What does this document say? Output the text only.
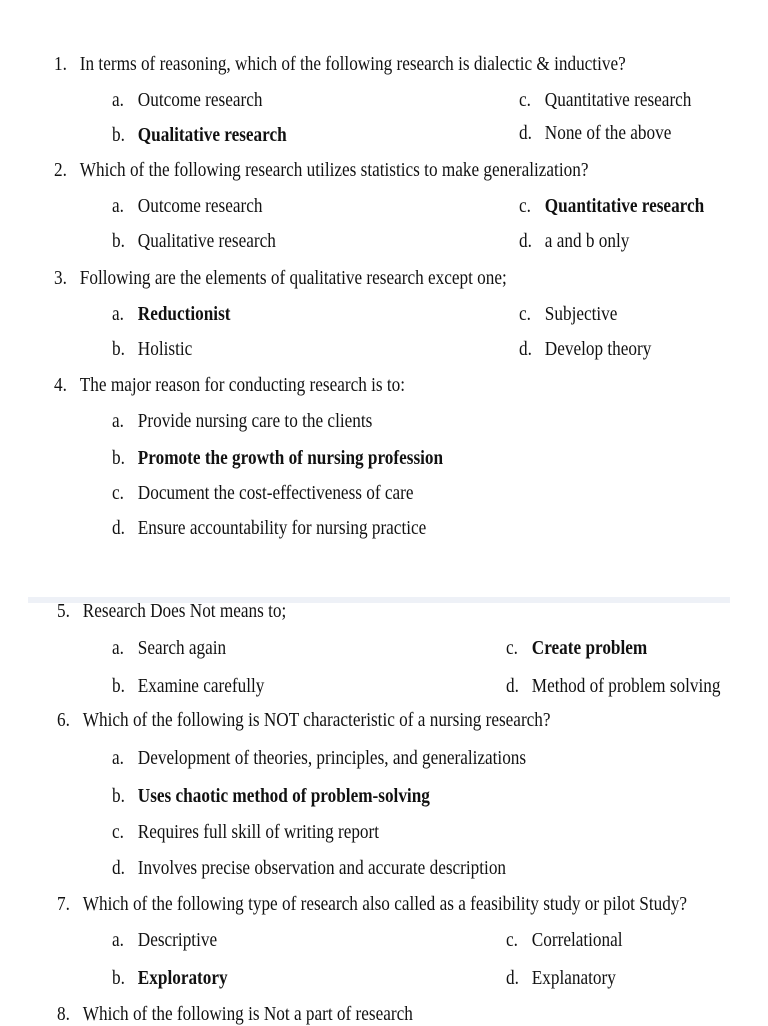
1. In terms of reasoning, which of the following research is dialectic & inductive?
a. Outcome research
b. Qualitative research
c. Quantitative research
d. None of the above
2. Which of the following research utilizes statistics to make generalization?
a. Outcome research
b. Qualitative research
c. Quantitative research
d. a and b only
3. Following are the elements of qualitative research except one;
a. Reductionist
b. Holistic
c. Subjective
d. Develop theory
4. The major reason for conducting research is to:
a. Provide nursing care to the clients
b. Promote the growth of nursing profession
c. Document the cost-effectiveness of care
d. Ensure accountability for nursing practice
5. Research Does Not means to;
a. Search again
b. Examine carefully
c. Create problem
d. Method of problem solving
6. Which of the following is NOT characteristic of a nursing research?
a. Development of theories, principles, and generalizations
b. Uses chaotic method of problem-solving
c. Requires full skill of writing report
d. Involves precise observation and accurate description
7. Which of the following type of research also called as a feasibility study or pilot Study?
a. Descriptive
b. Exploratory
c. Correlational
d. Explanatory
8. Which of the following is Not a part of research
